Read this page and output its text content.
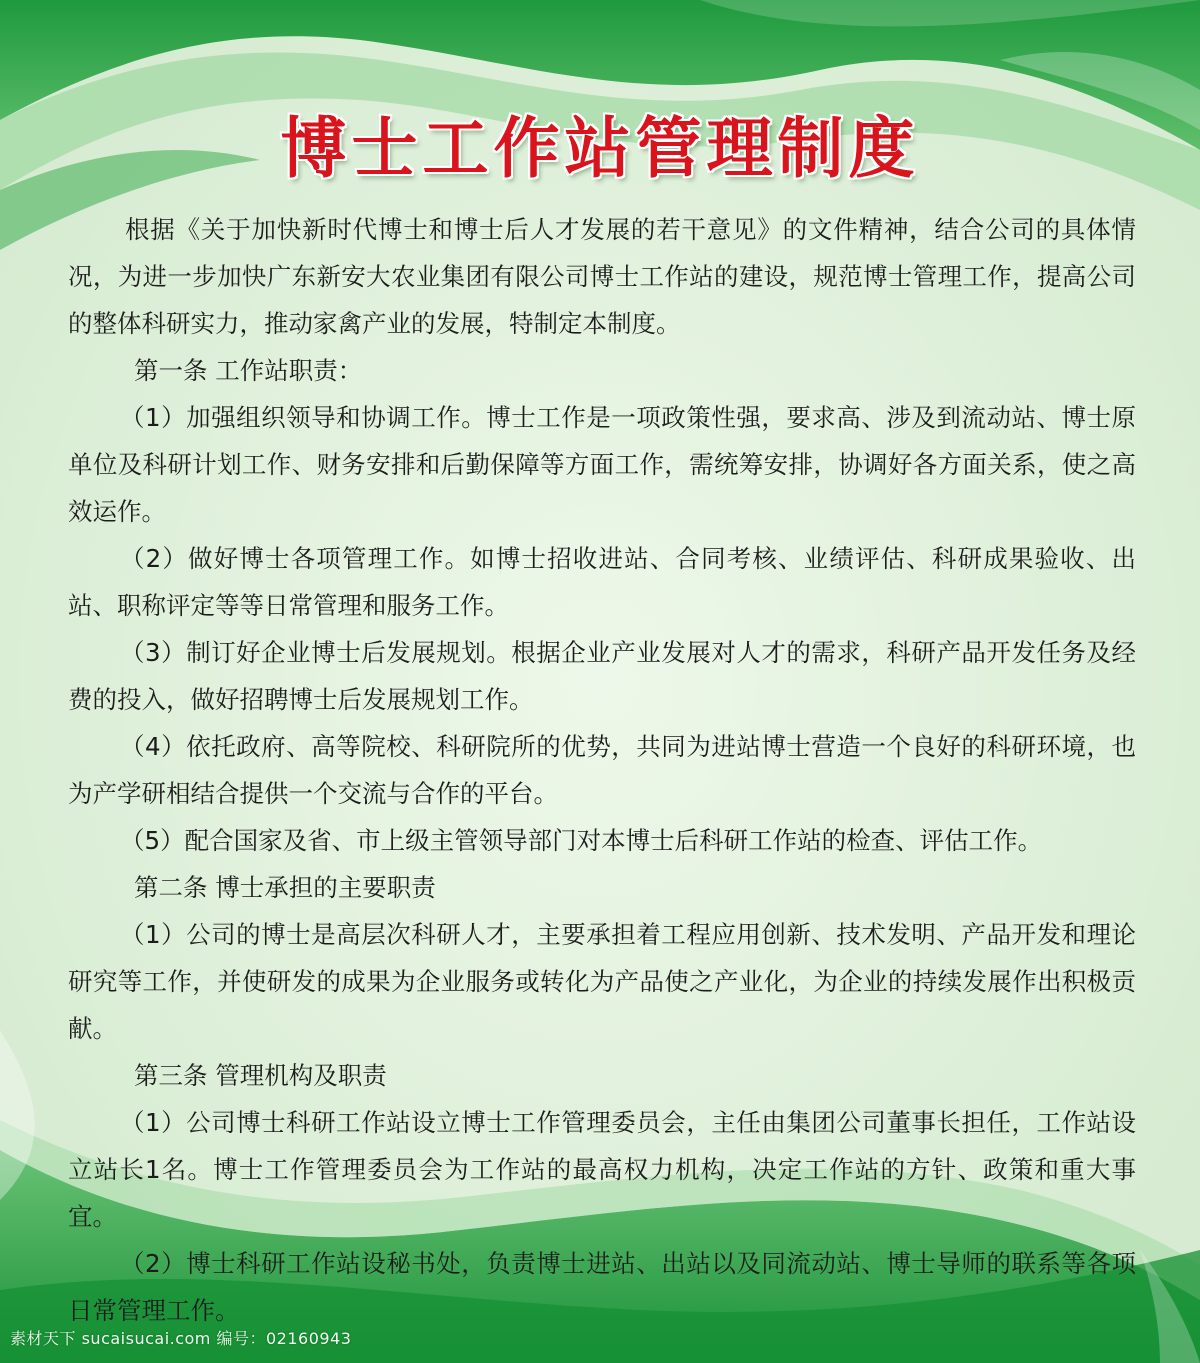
博士工作站管理制度

根据《关于加快新时代博士和博士后人才发展的若干意见》的文件精神，结合公司的具体情况，为进一步加快广东新安大农业集团有限公司博士工作站的建设，规范博士管理工作，提高公司的整体科研实力，推动家禽产业的发展，特制定本制度。

第一条 工作站职责：

（1）加强组织领导和协调工作。博士工作是一项政策性强，要求高、涉及到流动站、博士原单位及科研计划工作、财务安排和后勤保障等方面工作，需统筹安排，协调好各方面关系，使之高效运作。

（2）做好博士各项管理工作。如博士招收进站、合同考核、业绩评估、科研成果验收、出站、职称评定等等日常管理和服务工作。

（3）制订好企业博士后发展规划。根据企业产业发展对人才的需求，科研产品开发任务及经费的投入，做好招聘博士后发展规划工作。

（4）依托政府、高等院校、科研院所的优势，共同为进站博士营造一个良好的科研环境，也为产学研相结合提供一个交流与合作的平台。

（5）配合国家及省、市上级主管领导部门对本博士后科研工作站的检查、评估工作。

第二条 博士承担的主要职责

（1）公司的博士是高层次科研人才，主要承担着工程应用创新、技术发明、产品开发和理论研究等工作，并使研发的成果为企业服务或转化为产品使之产业化，为企业的持续发展作出积极贡献。

第三条 管理机构及职责

（1）公司博士科研工作站设立博士工作管理委员会，主任由集团公司董事长担任，工作站设立站长1名。博士工作管理委员会为工作站的最高权力机构，决定工作站的方针、政策和重大事宜。

（2）博士科研工作站设秘书处，负责博士进站、出站以及同流动站、博士导师的联系等各项日常管理工作。

素材天下 sucaisucai.com 编号：02160943
